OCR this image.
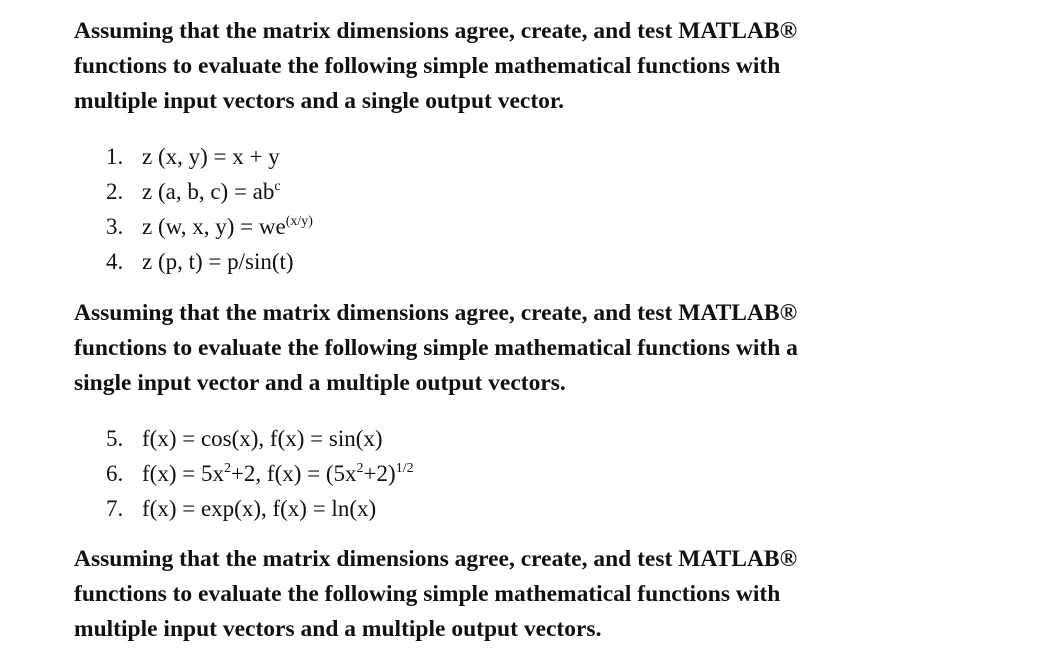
Assuming that the matrix dimensions agree, create, and test MATLAB®
functions to evaluate the following simple mathematical functions with
multiple input vectors and a single output vector.
1. z (x, y) = x + y
2. z (a, b, $c) = ab^c$
3. z (w, x, $y) = we^{(x/y)}$
4. z (p, t) = p/sin(t)
Assuming that the matrix dimensions agree, create, and test MATLAB®
functions to evaluate the following simple mathematical functions with a
single input vector and a multiple output vectors.
5. f(x) = cos(x), f(x) = sin(x)
6. $f(x) = 5x^2+2$, $f(x) = (5x^2+2)^{1/2}$
7. f(x) = exp(x), f(x) = ln(x)
Assuming that the matrix dimensions agree, create, and test MATLAB®
functions to evaluate the following simple mathematical functions with
multiple input vectors and a multiple output vectors.
